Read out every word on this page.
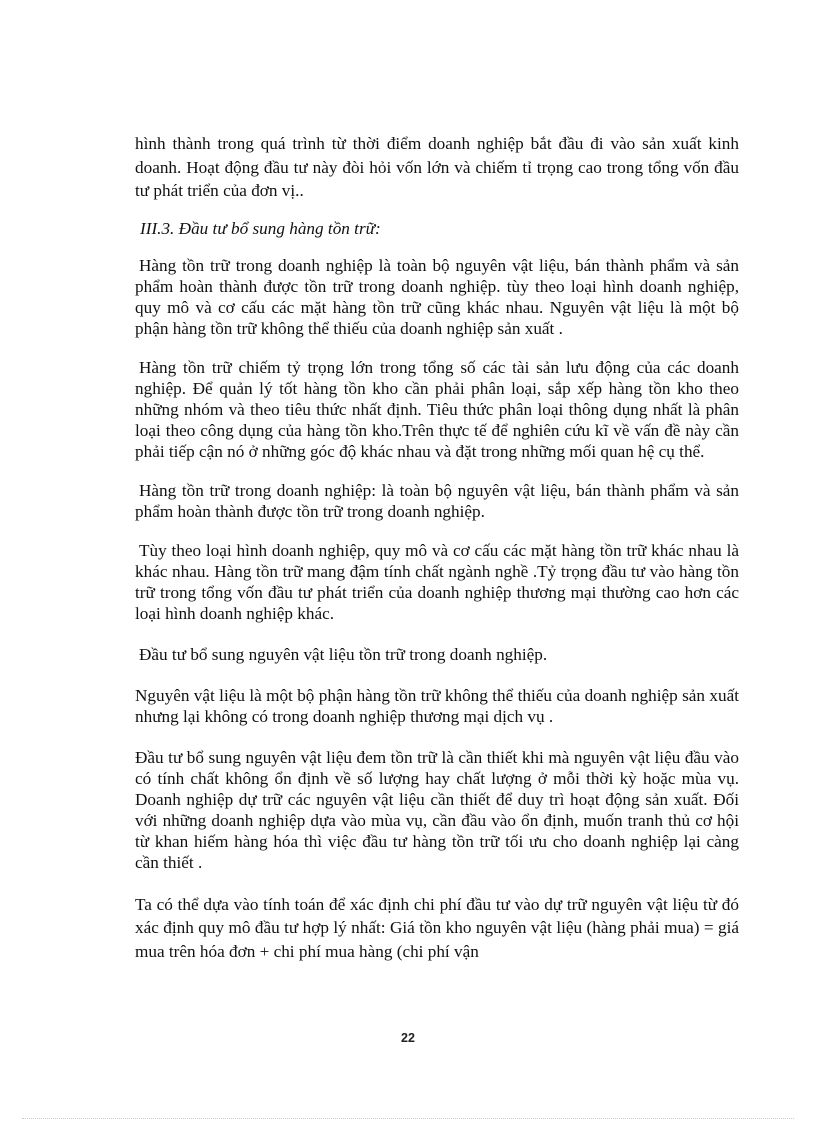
hình thành trong quá trình từ thời điểm doanh nghiệp bắt đầu đi vào sản xuất kinh doanh. Hoạt động đầu tư này đòi hỏi vốn lớn và chiếm tỉ trọng cao trong tổng vốn đầu tư phát triển của đơn vị..

III.3. Đầu tư bổ sung hàng tồn trữ:

Hàng tồn trữ trong doanh nghiệp là toàn bộ nguyên vật liệu, bán thành phẩm và sản phẩm hoàn thành được tồn trữ trong doanh nghiệp. tùy theo loại hình doanh nghiệp, quy mô và cơ cấu các mặt hàng tồn trữ cũng khác nhau. Nguyên vật liệu là một bộ phận hàng tồn trữ không thể thiếu của doanh nghiệp sản xuất .

Hàng tồn trữ chiếm tỷ trọng lớn trong tổng số các tài sản lưu động của các doanh nghiệp. Để quản lý tốt hàng tồn kho cần phải phân loại, sắp xếp hàng tồn kho theo những nhóm và theo tiêu thức nhất định. Tiêu thức phân loại thông dụng nhất là phân loại theo công dụng của hàng tồn kho.Trên thực tế để nghiên cứu kĩ về vấn đề này cần phải tiếp cận nó ở những góc độ khác nhau và đặt trong những mối quan hệ cụ thể.

Hàng tồn trữ trong doanh nghiệp: là toàn bộ nguyên vật liệu, bán thành phẩm và sản phẩm hoàn thành được tồn trữ trong doanh nghiệp.

Tùy theo loại hình doanh nghiệp, quy mô và cơ cấu các mặt hàng tồn trữ khác nhau là khác nhau. Hàng tồn trữ mang đậm tính chất ngành nghề .Tỷ trọng đầu tư vào hàng tồn trữ trong tổng vốn đầu tư phát triển của doanh nghiệp thương mại thường cao hơn các loại hình doanh nghiệp khác.

Đầu tư bổ sung nguyên vật liệu tồn trữ trong doanh nghiệp.

Nguyên vật liệu là một bộ phận hàng tồn trữ không thể thiếu của doanh nghiệp sản xuất nhưng lại không có trong doanh nghiệp thương mại dịch vụ .

Đầu tư bổ sung nguyên vật liệu đem tồn trữ là cần thiết khi mà nguyên vật liệu đầu vào có tính chất không ổn định về số lượng hay chất lượng ở mỗi thời kỳ hoặc mùa vụ. Doanh nghiệp dự trữ các nguyên vật liệu cần thiết để duy trì hoạt động sản xuất. Đối với những doanh nghiệp dựa vào mùa vụ, cần đầu vào ổn định, muốn tranh thủ cơ hội từ khan hiếm hàng hóa thì việc đầu tư hàng tồn trữ tối ưu cho doanh nghiệp lại càng cần thiết .

Ta có thể dựa vào tính toán để xác định chi phí đầu tư vào dự trữ nguyên vật liệu từ đó xác định quy mô đầu tư hợp lý nhất: Giá tồn kho nguyên vật liệu (hàng phải mua) = giá mua trên hóa đơn + chi phí mua hàng (chi phí vận

22
